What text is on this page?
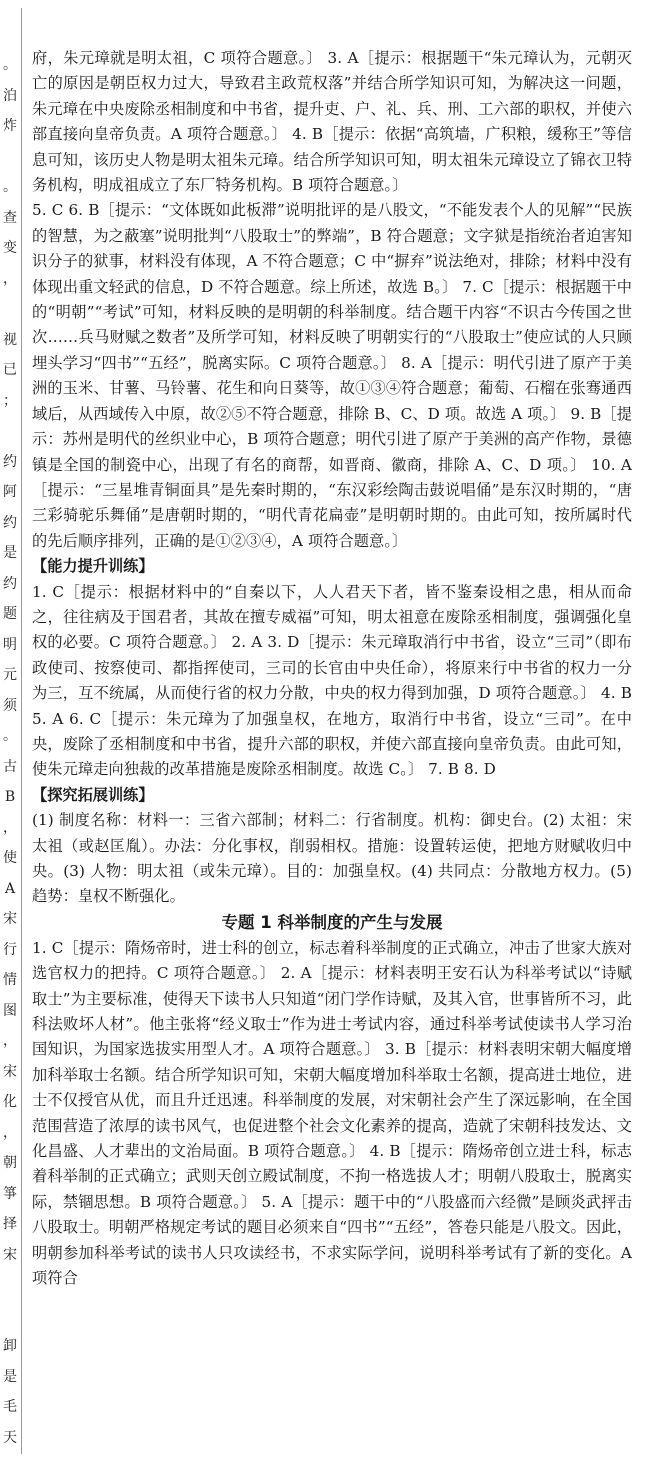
。
泊
炸
。
查
变
，
视
已
；
约
阿
约
是
约
题
明
元
须
。
古
B
，
使
A
宋
行
情
图
，
宋
化
，
朝
箏
择
宋
卸
是
毛
天

府，朱元璋就是明太祖，C 项符合题意。〕 3. A［提示：根据题干“朱元璋认为，元朝灭亡的原因是朝臣权力过大，导致君主政荒权落”并结合所学知识可知，为解决这一问题，朱元璋在中央废除丞相制度和中书省，提升吏、户、礼、兵、刑、工六部的职权，并使六部直接向皇帝负责。A 项符合题意。〕 4. B［提示：依据“高筑墙，广积粮，缓称王”等信息可知，该历史人物是明太祖朱元璋。结合所学知识可知，明太祖朱元璋设立了锦衣卫特务机构，明成祖成立了东厂特务机构。B 项符合题意。〕

5. C 6. B［提示：“文体既如此板滞”说明批评的是八股文，“不能发表个人的见解”“民族的智慧，为之蔽塞”说明批判“八股取士”的弊端”，B 符合题意；文字狱是指统治者迫害知识分子的狱事，材料没有体现，A 不符合题意；C 中“摒弃”说法绝对，排除；材料中没有体现出重文轻武的信息，D 不符合题意。综上所述，故选 B。〕 7. C［提示：根据题干中的“明朝”“考试”可知，材料反映的是明朝的科举制度。结合题干内容“不识古今传国之世次……兵马财赋之数者”及所学可知，材料反映了明朝实行的“八股取士”使应试的人只顾埋头学习“四书”“五经”，脱离实际。C 项符合题意。〕 8. A［提示：明代引进了原产于美洲的玉米、甘薯、马铃薯、花生和向日葵等，故①③④符合题意；葡萄、石榴在张骞通西域后，从西域传入中原，故②⑤不符合题意，排除 B、C、D 项。故选 A 项。〕 9. B［提示：苏州是明代的丝织业中心，B 项符合题意；明代引进了原产于美洲的高产作物，景德镇是全国的制瓷中心，出现了有名的商帮，如晋商、徽商，排除 A、C、D 项。〕 10. A［提示：“三星堆青铜面具”是先秦时期的，“东汉彩绘陶击鼓说唱俑”是东汉时期的，“唐三彩骑驼乐舞俑”是唐朝时期的，“明代青花扁壶”是明朝时期的。由此可知，按所属时代的先后顺序排列，正确的是①②③④，A 项符合题意。〕

【能力提升训练】

1. C［提示：根据材料中的“自秦以下，人人君天下者，皆不鉴秦设相之患，相从而命之，往往病及于国君者，其故在擅专威福”可知，明太祖意在废除丞相制度，强调强化皇权的必要。C 项符合题意。〕 2. A 3. D［提示：朱元璋取消行中书省，设立“三司”（即布政使司、按察使司、都指挥使司，三司的长官由中央任命），将原来行中书省的权力一分为三，互不统属，从而使行省的权力分散，中央的权力得到加强，D 项符合题意。〕 4. B 5. A 6. C［提示：朱元璋为了加强皇权，在地方，取消行中书省，设立“三司”。在中央，废除了丞相制度和中书省，提升六部的职权，并使六部直接向皇帝负责。由此可知，使朱元璋走向独裁的改革措施是废除丞相制度。故选 C。〕 7. B 8. D

【探究拓展训练】

(1) 制度名称：材料一：三省六部制；材料二：行省制度。机构：御史台。(2) 太祖：宋太祖（或赵匡胤）。办法：分化事权，削弱相权。措施：设置转运使，把地方财赋收归中央。(3) 人物：明太祖（或朱元璋）。目的：加强皇权。(4) 共同点：分散地方权力。(5) 趋势：皇权不断强化。

专题 1 科举制度的产生与发展

1. C［提示：隋炀帝时，进士科的创立，标志着科举制度的正式确立，冲击了世家大族对选官权力的把持。C 项符合题意。〕 2. A［提示：材料表明王安石认为科举考试以“诗赋取士”为主要标准，使得天下读书人只知道“闭门学作诗赋，及其入官，世事皆所不习，此科法败坏人材”。他主张将“经义取士”作为进士考试内容，通过科举考试使读书人学习治国知识，为国家选拔实用型人才。A 项符合题意。〕 3. B［提示：材料表明宋朝大幅度增加科举取士名额。结合所学知识可知，宋朝大幅度增加科举取士名额，提高进士地位，进士不仅授官从优，而且升迁迅速。科举制度的发展，对宋朝社会产生了深远影响，在全国范围营造了浓厚的读书风气，也促进整个社会文化素养的提高，造就了宋朝科技发达、文化昌盛、人才辈出的文治局面。B 项符合题意。〕 4. B［提示：隋炀帝创立进士科，标志着科举制的正式确立；武则天创立殿试制度，不拘一格选拔人才；明朝八股取士，脱离实际，禁锢思想。B 项符合题意。〕 5. A［提示：题干中的“八股盛而六经微”是顾炎武抨击八股取士。明朝严格规定考试的题目必须来自“四书”“五经”，答卷只能是八股文。因此，明朝参加科举考试的读书人只攻读经书，不求实际学问，说明科举考试有了新的变化。A 项符合
